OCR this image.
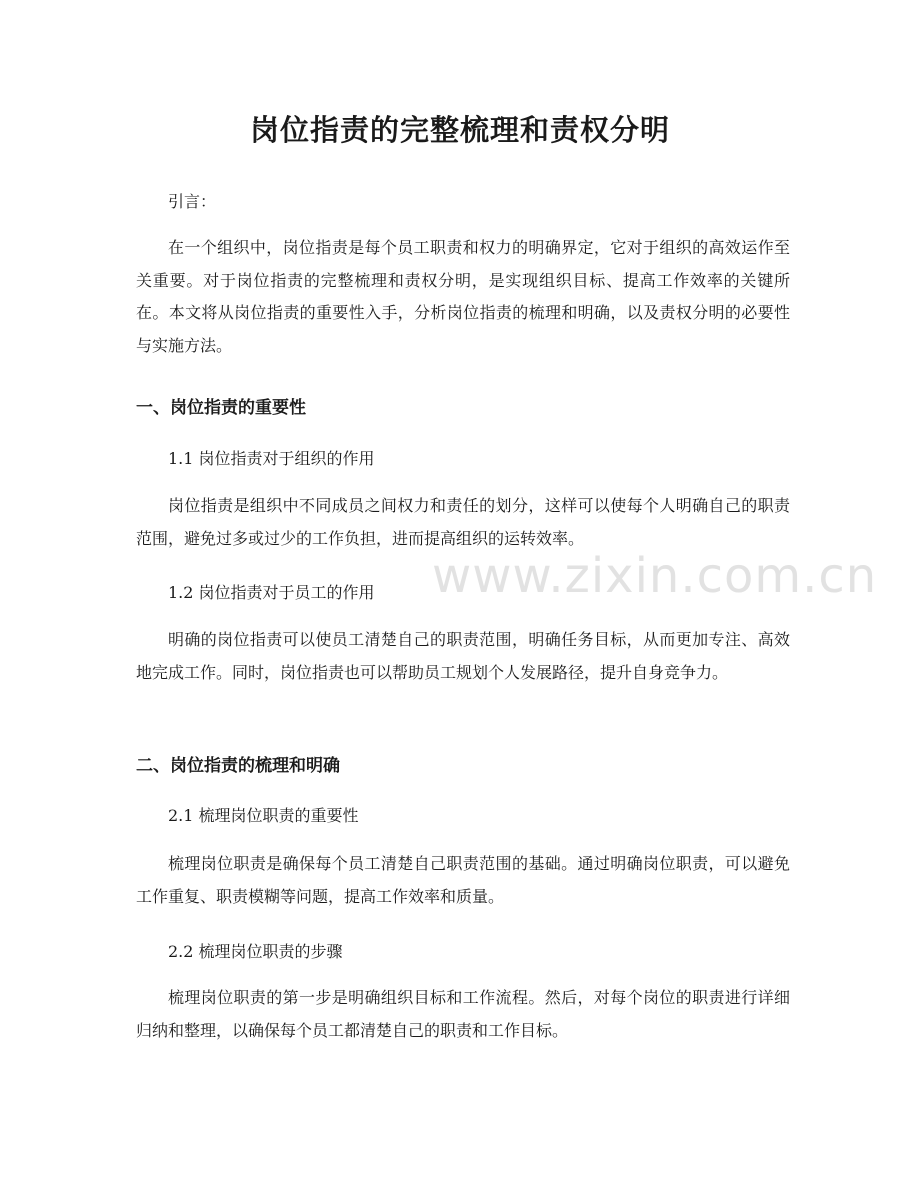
www.zixin.com.cn
岗位指责的完整梳理和责权分明
引言：
在一个组织中，岗位指责是每个员工职责和权力的明确界定，它对于组织的高效运作至关重要。对于岗位指责的完整梳理和责权分明，是实现组织目标、提高工作效率的关键所在。本文将从岗位指责的重要性入手，分析岗位指责的梳理和明确，以及责权分明的必要性与实施方法。
一、岗位指责的重要性
1.1 岗位指责对于组织的作用
岗位指责是组织中不同成员之间权力和责任的划分，这样可以使每个人明确自己的职责范围，避免过多或过少的工作负担，进而提高组织的运转效率。
1.2 岗位指责对于员工的作用
明确的岗位指责可以使员工清楚自己的职责范围，明确任务目标，从而更加专注、高效地完成工作。同时，岗位指责也可以帮助员工规划个人发展路径，提升自身竞争力。
二、岗位指责的梳理和明确
2.1 梳理岗位职责的重要性
梳理岗位职责是确保每个员工清楚自己职责范围的基础。通过明确岗位职责，可以避免工作重复、职责模糊等问题，提高工作效率和质量。
2.2 梳理岗位职责的步骤
梳理岗位职责的第一步是明确组织目标和工作流程。然后，对每个岗位的职责进行详细归纳和整理，以确保每个员工都清楚自己的职责和工作目标。
